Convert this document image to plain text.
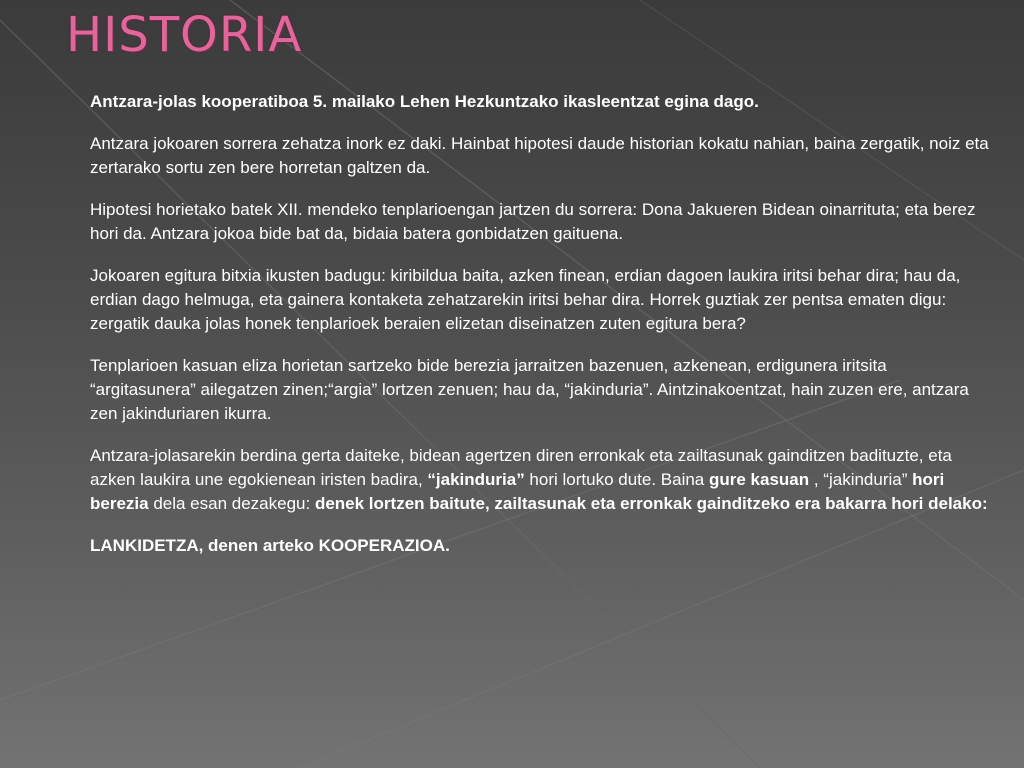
HISTORIA

Antzara-jolas kooperatiboa 5. mailako Lehen Hezkuntzako ikasleentzat egina dago.

Antzara jokoaren sorrera zehatza inork ez daki. Hainbat hipotesi daude historian kokatu nahian, baina zergatik, noiz eta zertarako sortu zen bere horretan galtzen da.

Hipotesi horietako batek XII. mendeko tenplarioengan jartzen du sorrera: Dona Jakueren Bidean oinarrituta; eta berez hori da. Antzara jokoa bide bat da, bidaia batera gonbidatzen gaituena.

Jokoaren egitura bitxia ikusten badugu: kiribildua baita, azken finean, erdian dagoen laukira iritsi behar dira; hau da, erdian dago helmuga, eta gainera kontaketa zehatzarekin iritsi behar dira. Horrek guztiak zer pentsa ematen digu: zergatik dauka jolas honek tenplarioek beraien elizetan diseinatzen zuten egitura bera?

Tenplarioen kasuan eliza horietan sartzeko bide berezia jarraitzen bazenuen, azkenean, erdigunera iritsita “argitasunera” ailegatzen zinen;“argia” lortzen zenuen; hau da, “jakinduria”. Aintzinakoentzat, hain zuzen ere, antzara zen jakinduriaren ikurra.

Antzara-jolasarekin berdina gerta daiteke, bidean agertzen diren erronkak eta zailtasunak gainditzen badituzte, eta azken laukira une egokienean iristen badira, “jakinduria” hori lortuko dute. Baina gure kasuan , “jakinduria” hori berezia dela esan dezakegu: denek lortzen baitute, zailtasunak eta erronkak gainditzeko era bakarra hori delako:

LANKIDETZA, denen arteko KOOPERAZIOA.
